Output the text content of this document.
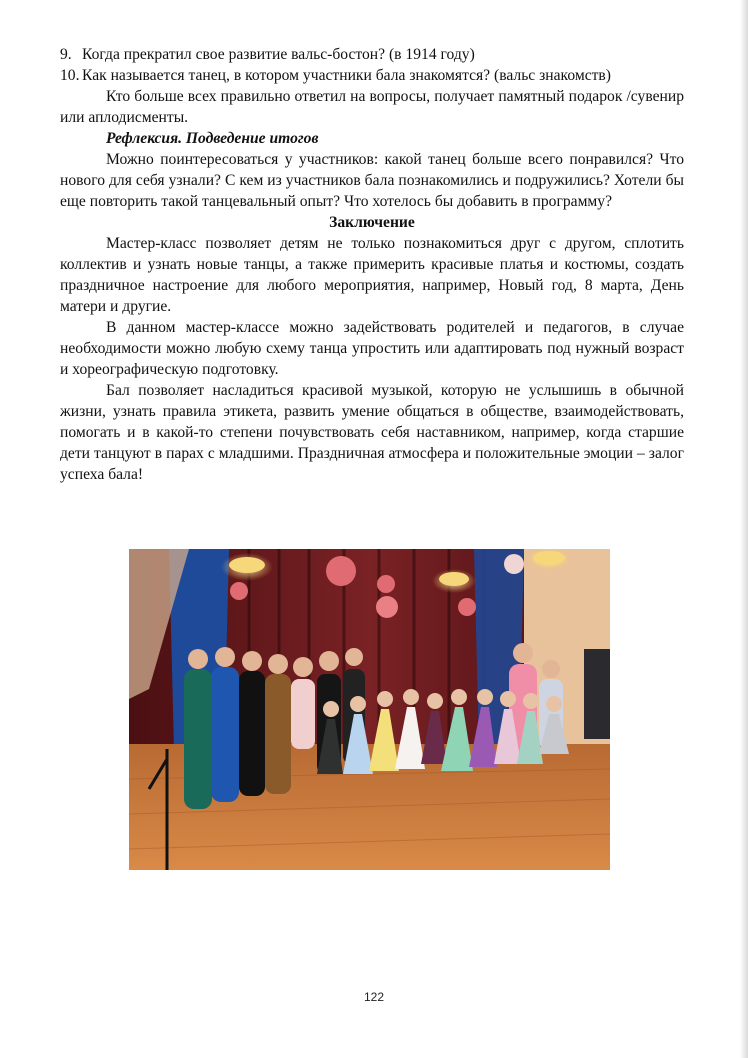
9. Когда прекратил свое развитие вальс-бостон? (в 1914 году)
10. Как называется танец, в котором участники бала знакомятся? (вальс знакомств)

Кто больше всех правильно ответил на вопросы, получает памятный подарок /сувенир или аплодисменты.

Рефлексия. Подведение итогов

Можно поинтересоваться у участников: какой танец больше всего понравился? Что нового для себя узнали? С кем из участников бала познакомились и подружились? Хотели бы еще повторить такой танцевальный опыт? Что хотелось бы добавить в программу?

Заключение

Мастер-класс позволяет детям не только познакомиться друг с другом, сплотить коллектив и узнать новые танцы, а также примерить красивые платья и костюмы, создать праздничное настроение для любого мероприятия, например, Новый год, 8 марта, День матери и другие.

В данном мастер-классе можно задействовать родителей и педагогов, в случае необходимости можно любую схему танца упростить или адаптировать под нужный возраст и хореографическую подготовку.

Бал позволяет насладиться красивой музыкой, которую не услышишь в обычной жизни, узнать правила этикета, развить умение общаться в обществе, взаимодействовать, помогать и в какой-то степени почувствовать себя наставником, например, когда старшие дети танцуют в парах с младшими. Праздничная атмосфера и положительные эмоции – залог успеха бала!

122
